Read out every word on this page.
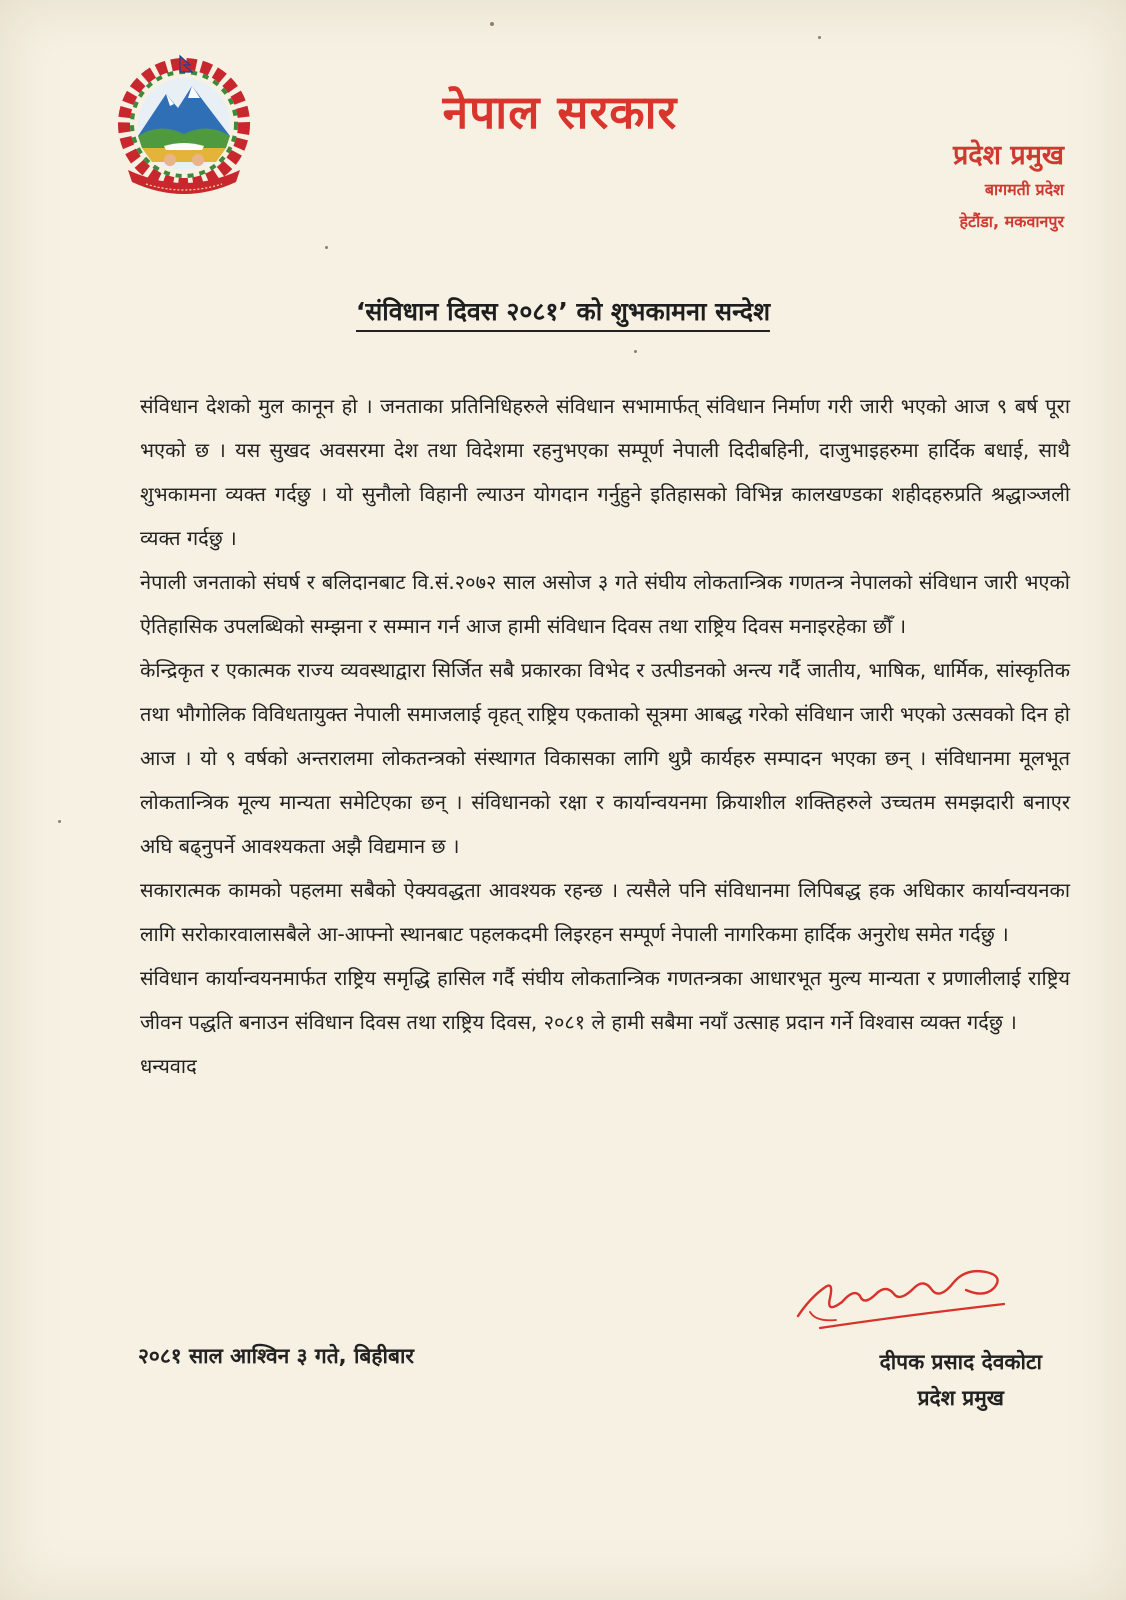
नेपाल सरकार
प्रदेश प्रमुख
बागमती प्रदेश
हेटौंडा, मकवानपुर
‘संविधान दिवस २०८१’ को शुभकामना सन्देश

संविधान देशको मुल कानून हो । जनताका प्रतिनिधिहरुले संविधान सभामार्फत् संविधान निर्माण गरी जारी भएको आज ९ बर्ष पूरा भएको छ । यस सुखद अवसरमा देश तथा विदेशमा रहनुभएका सम्पूर्ण नेपाली दिदीबहिनी, दाजुभाइहरुमा हार्दिक बधाई, साथै शुभकामना व्यक्त गर्दछु । यो सुनौलो विहानी ल्याउन योगदान गर्नुहुने इतिहासको विभिन्न कालखण्डका शहीदहरुप्रति श्रद्धाञ्जली व्यक्त गर्दछु ।

नेपाली जनताको संघर्ष र बलिदानबाट वि.सं.२०७२ साल असोज ३ गते संघीय लोकतान्त्रिक गणतन्त्र नेपालको संविधान जारी भएको ऐतिहासिक उपलब्धिको सम्झना र सम्मान गर्न आज हामी संविधान दिवस तथा राष्ट्रिय दिवस मनाइरहेका छौँ ।

केन्द्रिकृत र एकात्मक राज्य व्यवस्थाद्वारा सिर्जित सबै प्रकारका विभेद र उत्पीडनको अन्त्य गर्दै जातीय, भाषिक, धार्मिक, सांस्कृतिक तथा भौगोलिक विविधतायुक्त नेपाली समाजलाई वृहत् राष्ट्रिय एकताको सूत्रमा आबद्ध गरेको संविधान जारी भएको उत्सवको दिन हो आज । यो ९ वर्षको अन्तरालमा लोकतन्त्रको संस्थागत विकासका लागि थुप्रै कार्यहरु सम्पादन भएका छन् । संविधानमा मूलभूत लोकतान्त्रिक मूल्य मान्यता समेटिएका छन् । संविधानको रक्षा र कार्यान्वयनमा क्रियाशील शक्तिहरुले उच्चतम समझदारी बनाएर अघि बढ्नुपर्ने आवश्यकता अझै विद्यमान छ ।

सकारात्मक कामको पहलमा सबैको ऐक्यवद्धता आवश्यक रहन्छ । त्यसैले पनि संविधानमा लिपिबद्ध हक अधिकार कार्यान्वयनका लागि सरोकारवालासबैले आ-आफ्नो स्थानबाट पहलकदमी लिइरहन सम्पूर्ण नेपाली नागरिकमा हार्दिक अनुरोध समेत गर्दछु ।

संविधान कार्यान्वयनमार्फत राष्ट्रिय समृद्धि हासिल गर्दै संघीय लोकतान्त्रिक गणतन्त्रका आधारभूत मुल्य मान्यता र प्रणालीलाई राष्ट्रिय जीवन पद्धति बनाउन संविधान दिवस तथा राष्ट्रिय दिवस, २०८१ ले हामी सबैमा नयाँ उत्साह प्रदान गर्ने विश्वास व्यक्त गर्दछु ।

धन्यवाद

२०८१ साल आश्विन ३ गते, बिहीबार	दीपक प्रसाद देवकोटा
प्रदेश प्रमुख
